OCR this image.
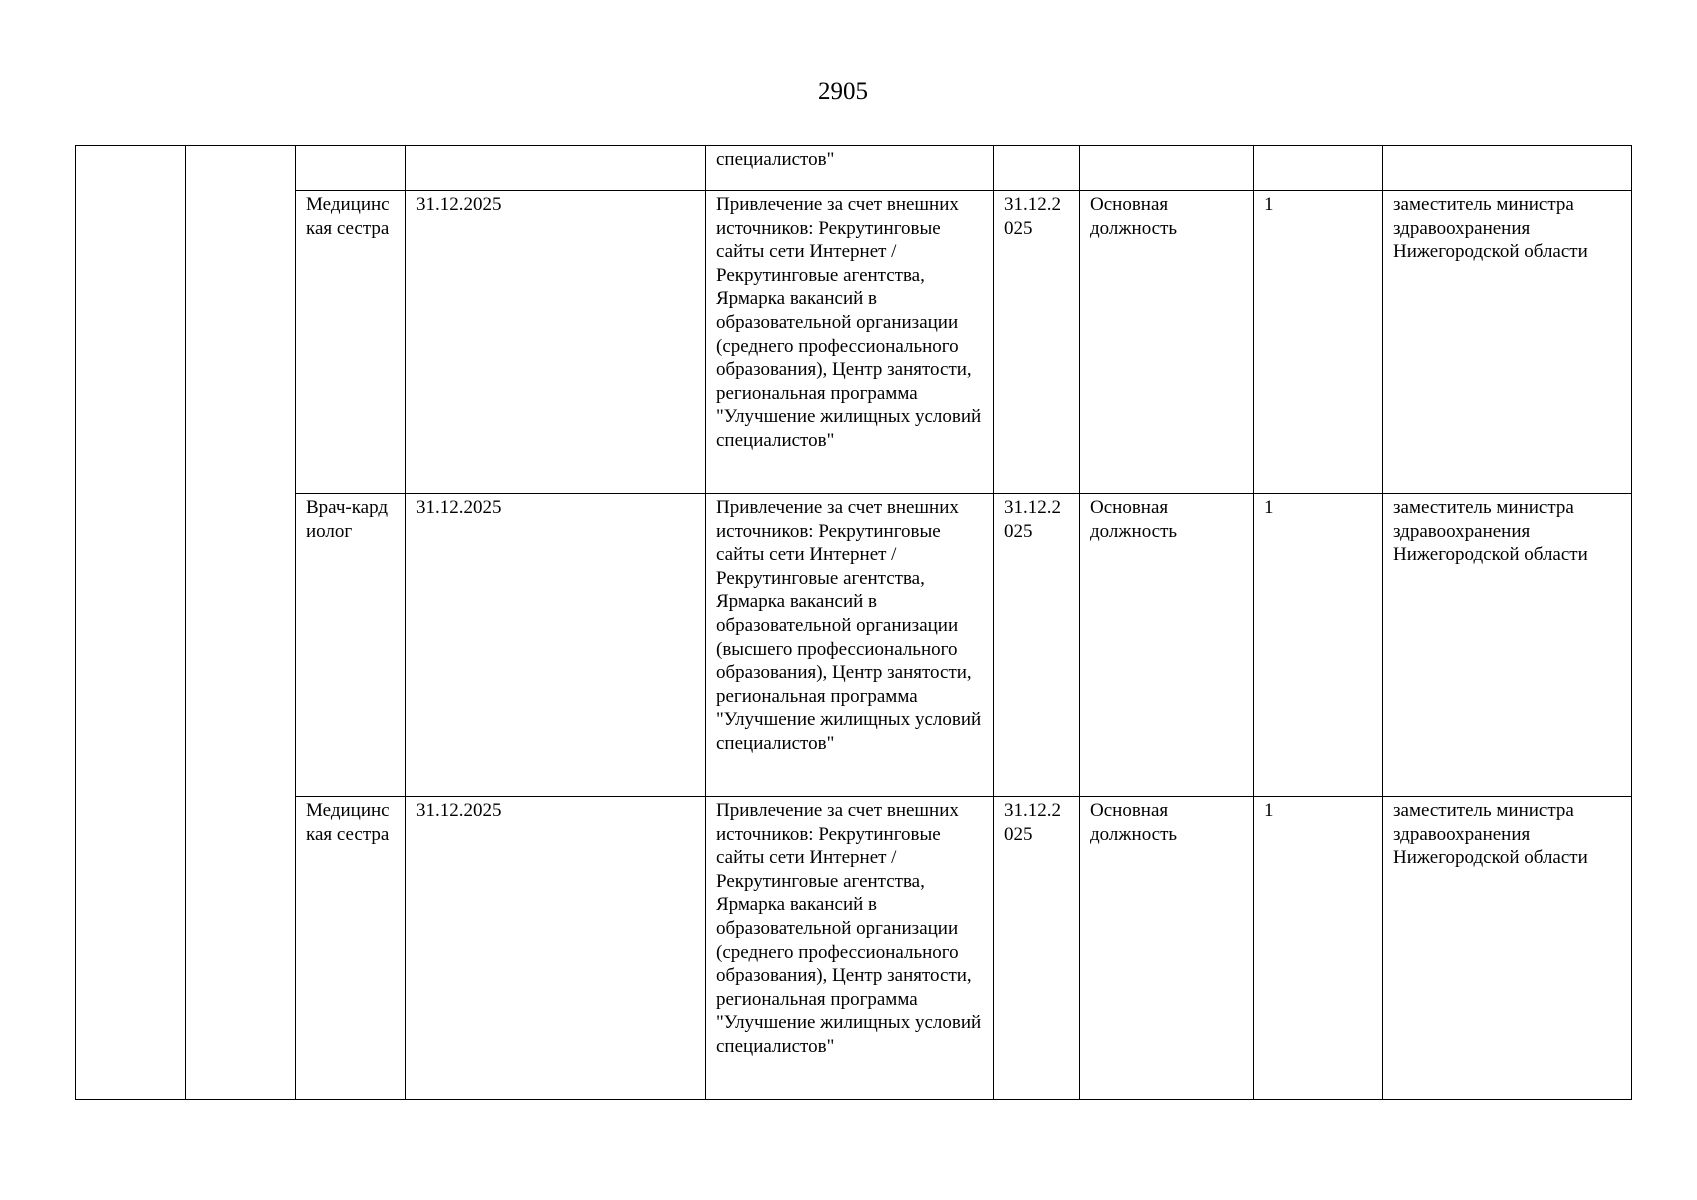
2905
				специалистов"				
		Медицинская сестра	31.12.2025	Привлечение за счет внешних источников: Рекрутинговые сайты сети Интернет / Рекрутинговые агентства, Ярмарка вакансий в образовательной организации (среднего профессионального образования), Центр занятости, региональная программа "Улучшение жилищных условий специалистов"	31.12.2025	Основная должность	1	заместитель министра здравоохранения Нижегородской области
		Врач-кардиолог	31.12.2025	Привлечение за счет внешних источников: Рекрутинговые сайты сети Интернет / Рекрутинговые агентства, Ярмарка вакансий в образовательной организации (высшего профессионального образования), Центр занятости, региональная программа "Улучшение жилищных условий специалистов"	31.12.2025	Основная должность	1	заместитель министра здравоохранения Нижегородской области
		Медицинская сестра	31.12.2025	Привлечение за счет внешних источников: Рекрутинговые сайты сети Интернет / Рекрутинговые агентства, Ярмарка вакансий в образовательной организации (среднего профессионального образования), Центр занятости, региональная программа "Улучшение жилищных условий специалистов"	31.12.2025	Основная должность	1	заместитель министра здравоохранения Нижегородской области
